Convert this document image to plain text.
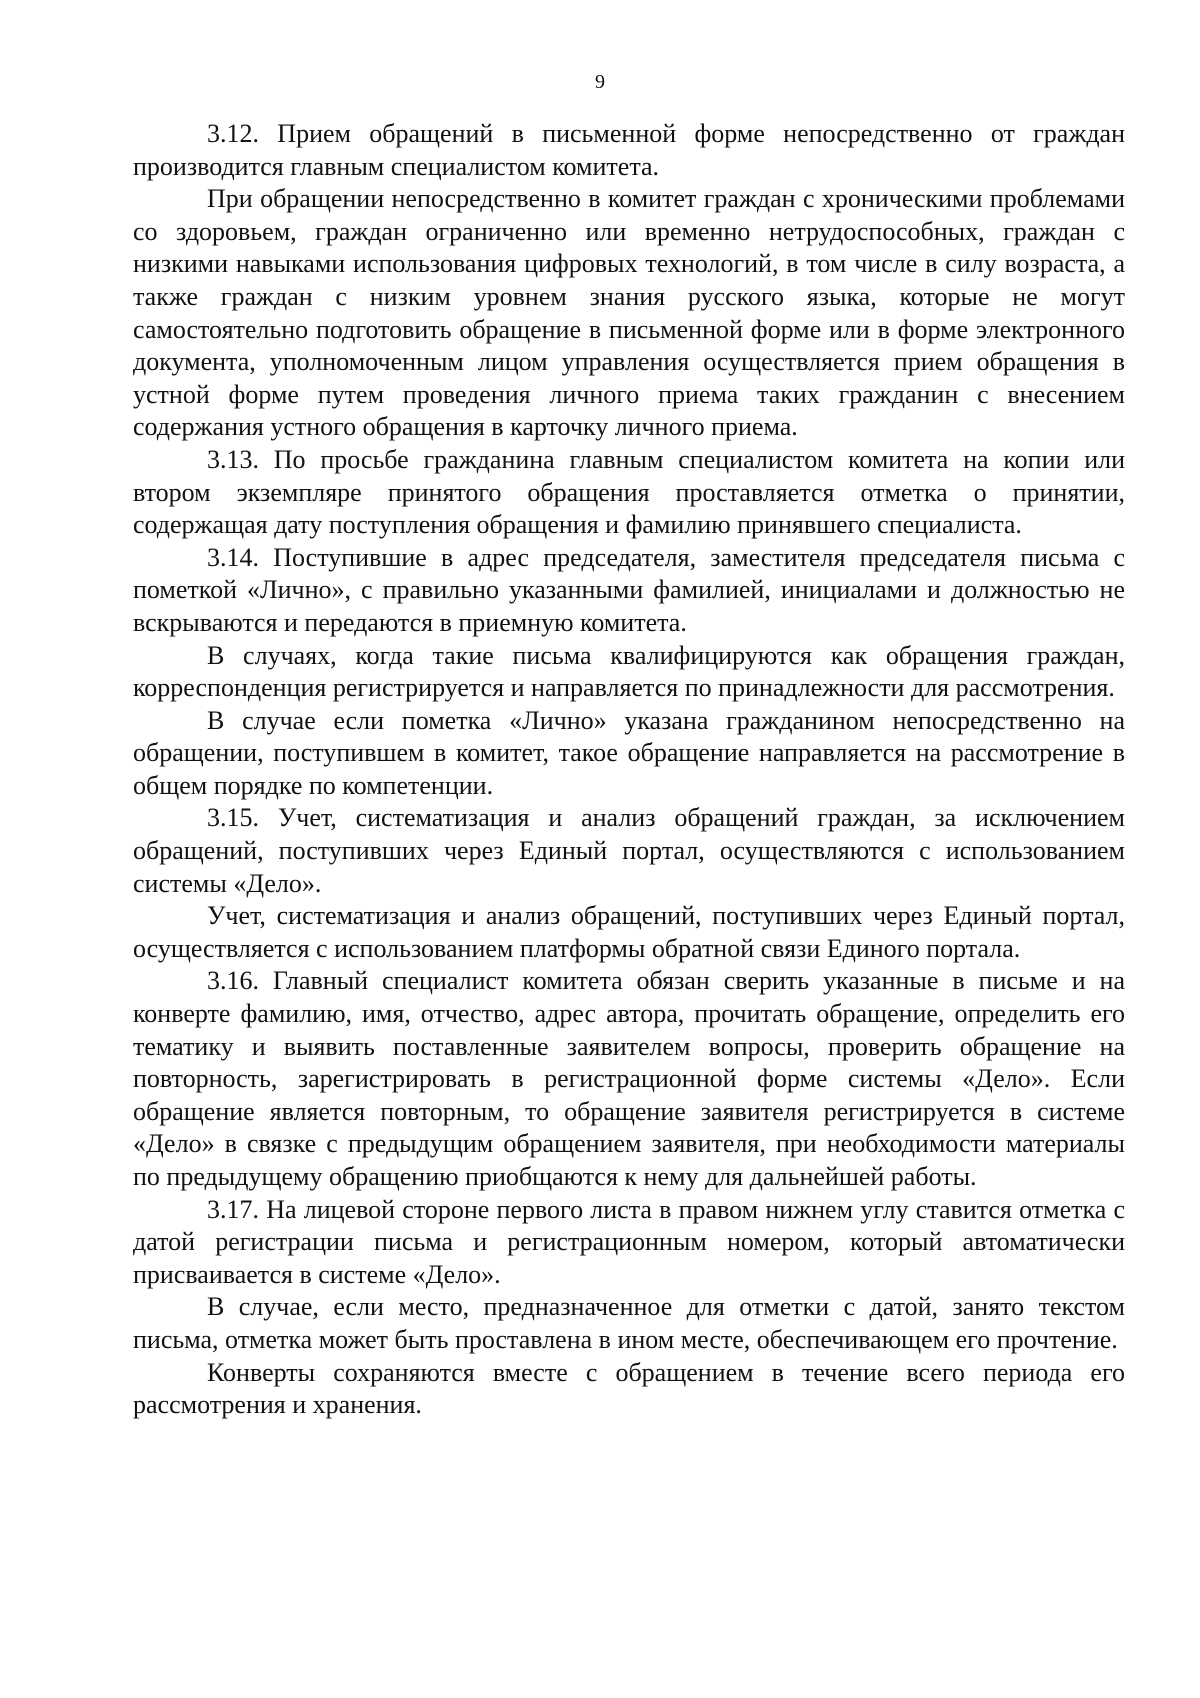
9

3.12. Прием обращений в письменной форме непосредственно от граждан производится главным специалистом комитета.

При обращении непосредственно в комитет граждан с хроническими проблемами со здоровьем, граждан ограниченно или временно нетрудоспособных, граждан с низкими навыками использования цифровых технологий, в том числе в силу возраста, а также граждан с низким уровнем знания русского языка, которые не могут самостоятельно подготовить обращение в письменной форме или в форме электронного документа, уполномоченным лицом управления осуществляется прием обращения в устной форме путем проведения личного приема таких гражданин с внесением содержания устного обращения в карточку личного приема.

3.13. По просьбе гражданина главным специалистом комитета на копии или втором экземпляре принятого обращения проставляется отметка о принятии, содержащая дату поступления обращения и фамилию принявшего специалиста.

3.14. Поступившие в адрес председателя, заместителя председателя письма с пометкой «Лично», с правильно указанными фамилией, инициалами и должностью не вскрываются и передаются в приемную комитета.

В случаях, когда такие письма квалифицируются как обращения граждан, корреспонденция регистрируется и направляется по принадлежности для рассмотрения.

В случае если пометка «Лично» указана гражданином непосредственно на обращении, поступившем в комитет, такое обращение направляется на рассмотрение в общем порядке по компетенции.

3.15. Учет, систематизация и анализ обращений граждан, за исключением обращений, поступивших через Единый портал, осуществляются с использованием системы «Дело».

Учет, систематизация и анализ обращений, поступивших через Единый портал, осуществляется с использованием платформы обратной связи Единого портала.

3.16. Главный специалист комитета обязан сверить указанные в письме и на конверте фамилию, имя, отчество, адрес автора, прочитать обращение, определить его тематику и выявить поставленные заявителем вопросы, проверить обращение на повторность, зарегистрировать в регистрационной форме системы «Дело». Если обращение является повторным, то обращение заявителя регистрируется в системе «Дело» в связке с предыдущим обращением заявителя, при необходимости материалы по предыдущему обращению приобщаются к нему для дальнейшей работы.

3.17. На лицевой стороне первого листа в правом нижнем углу ставится отметка с датой регистрации письма и регистрационным номером, который автоматически присваивается в системе «Дело».

В случае, если место, предназначенное для отметки с датой, занято текстом письма, отметка может быть проставлена в ином месте, обеспечивающем его прочтение.

Конверты сохраняются вместе с обращением в течение всего периода его рассмотрения и хранения.
